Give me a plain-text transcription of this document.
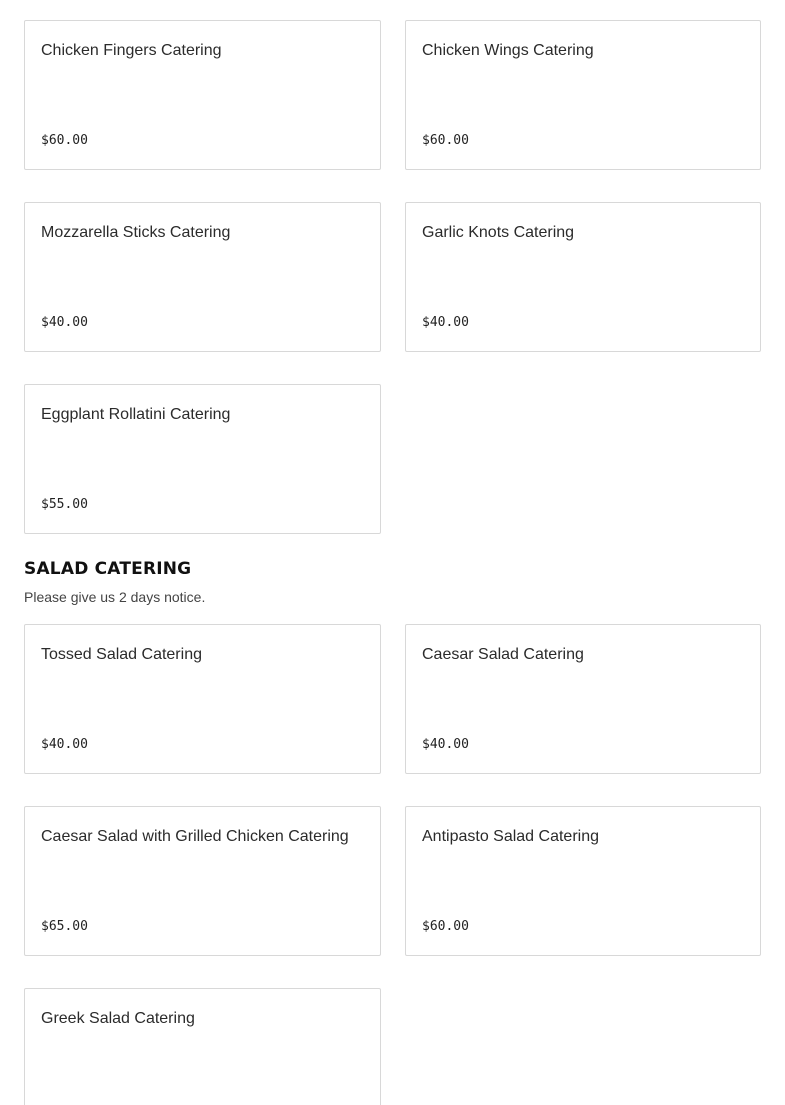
Chicken Fingers Catering
$60.00
Chicken Wings Catering
$60.00
Mozzarella Sticks Catering
$40.00
Garlic Knots Catering
$40.00
Eggplant Rollatini Catering
$55.00
SALAD CATERING

Please give us 2 days notice.

Tossed Salad Catering
$40.00
Caesar Salad Catering
$40.00
Caesar Salad with Grilled Chicken Catering
$65.00
Antipasto Salad Catering
$60.00
Greek Salad Catering
